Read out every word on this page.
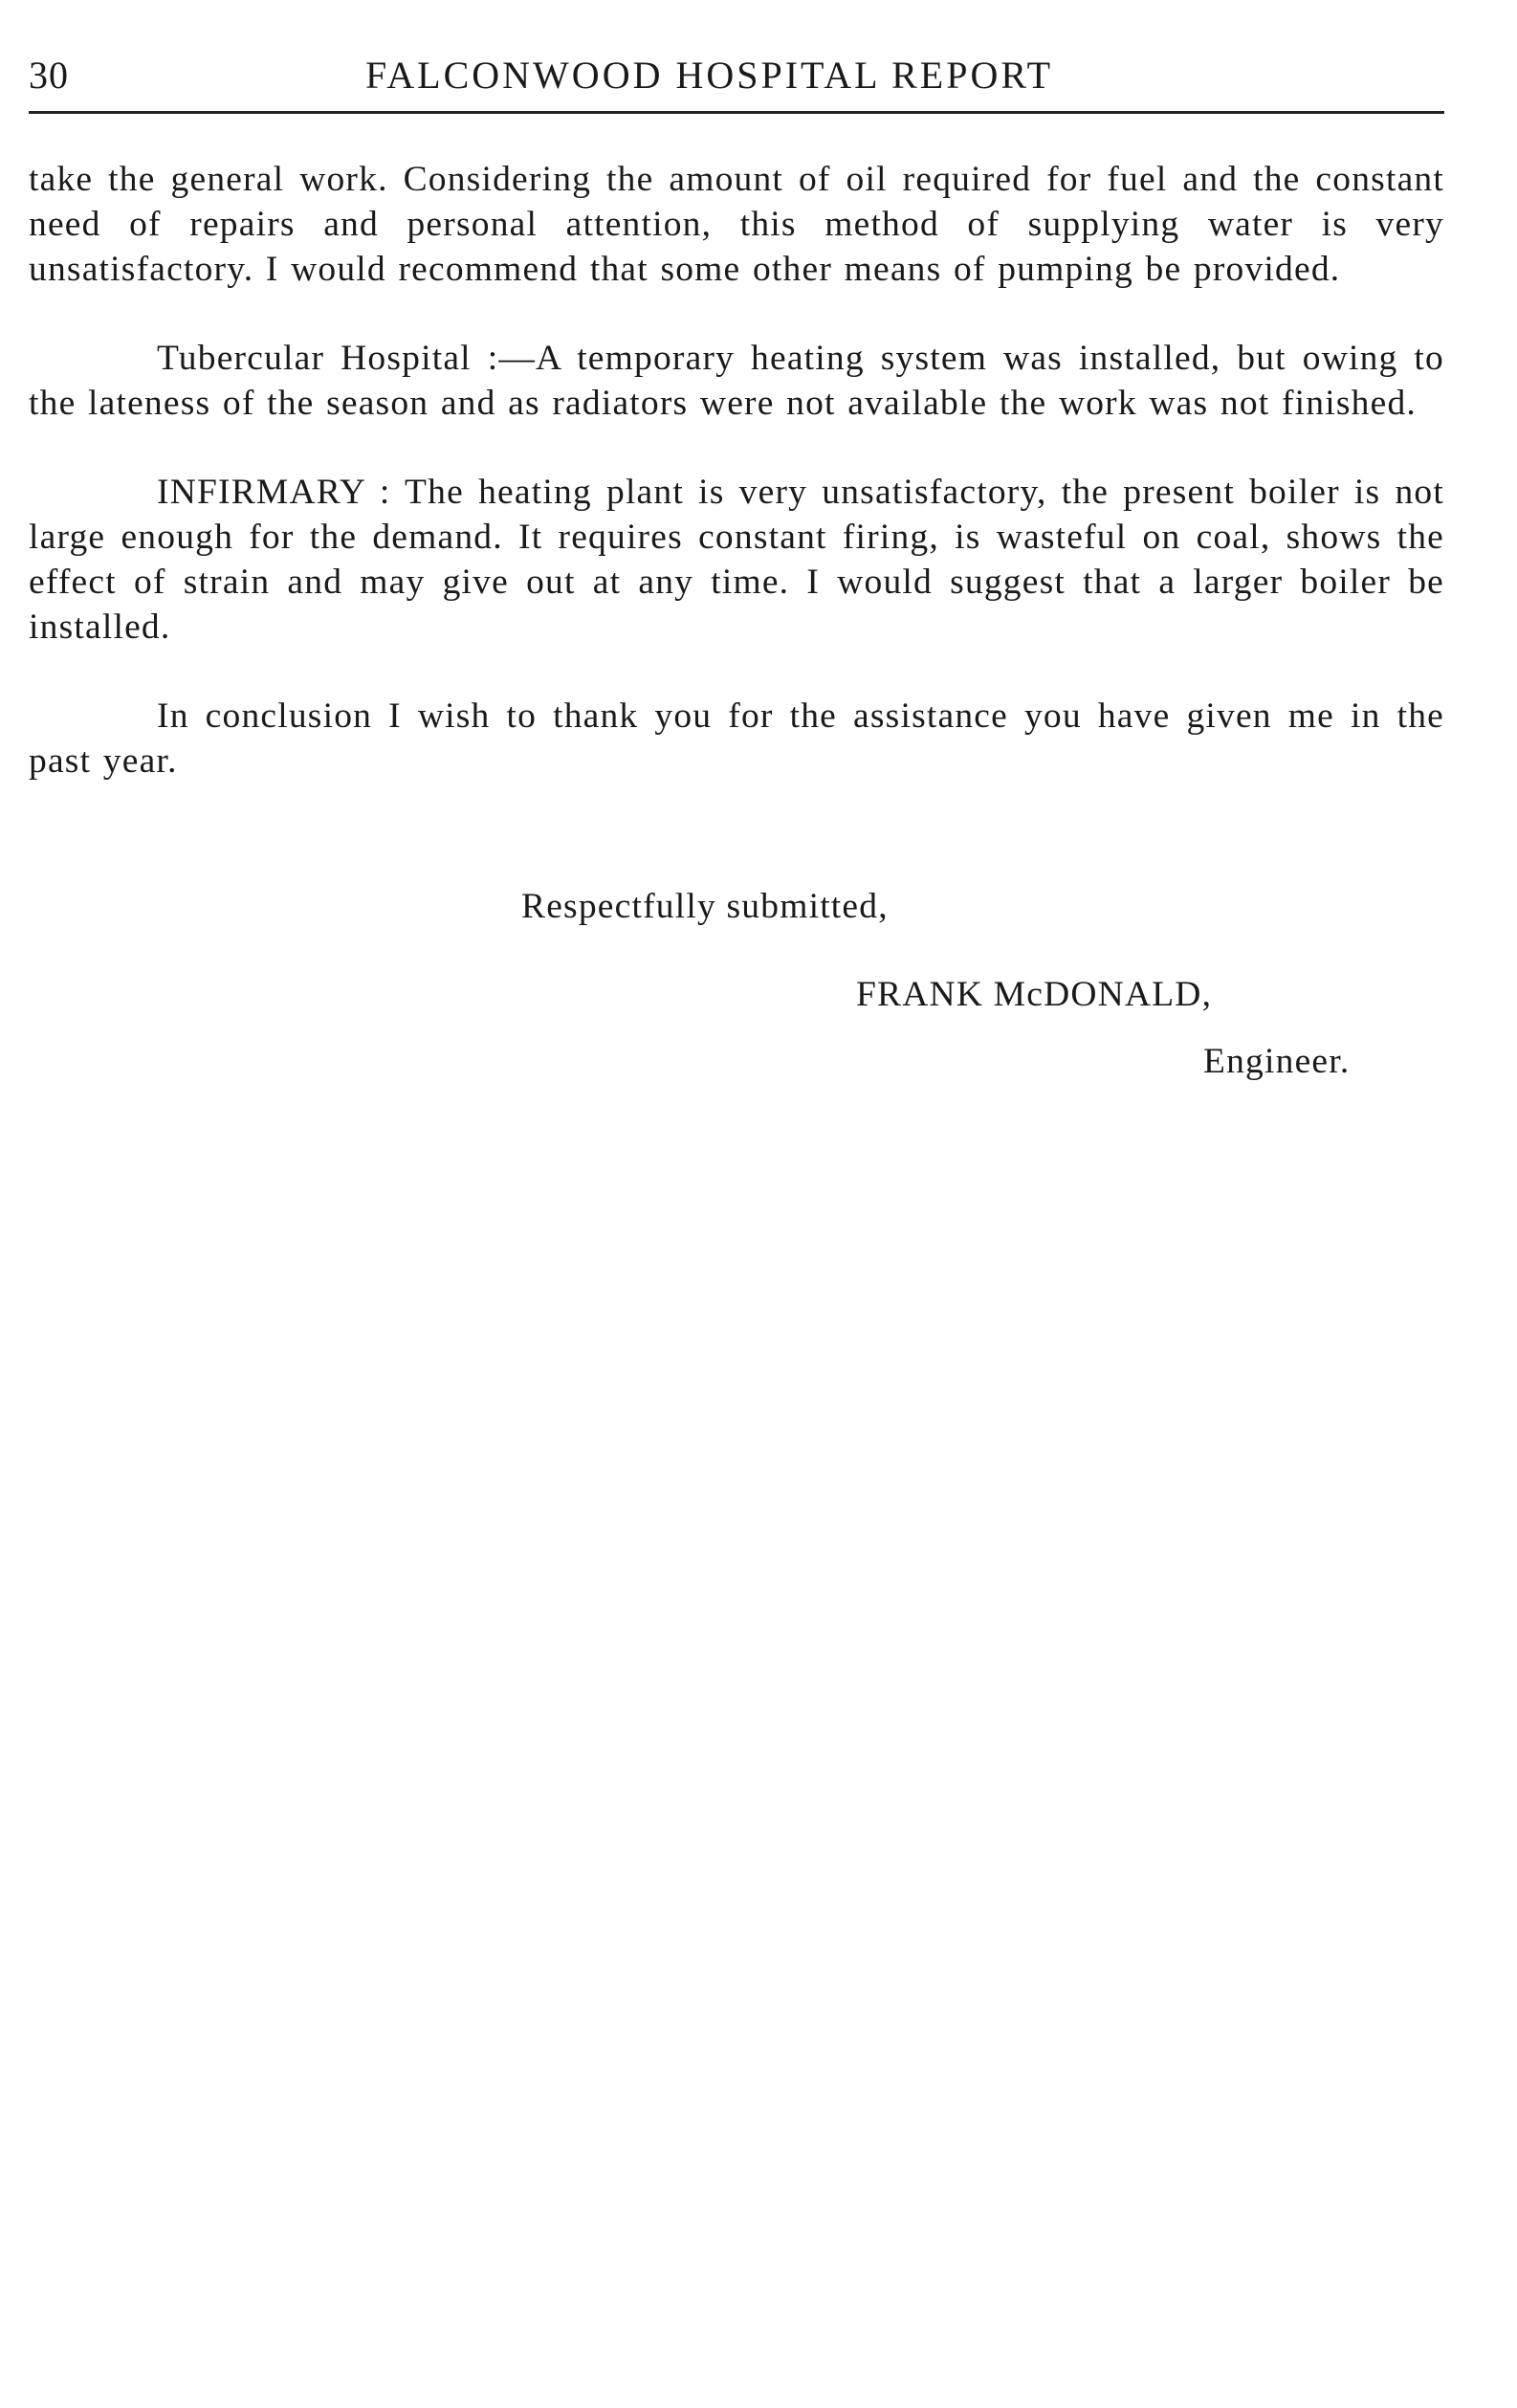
30	FALCONWOOD HOSPITAL REPORT

take the general work. Considering the amount of oil required for fuel and the constant need of repairs and personal attention, this method of supplying water is very unsatisfactory. I would recommend that some other means of pumping be provided.

Tubercular Hospital :—A temporary heating system was installed, but owing to the lateness of the season and as radiators were not available the work was not finished.

INFIRMARY : The heating plant is very unsatisfactory, the present boiler is not large enough for the demand. It requires constant firing, is wasteful on coal, shows the effect of strain and may give out at any time. I would suggest that a larger boiler be installed.

In conclusion I wish to thank you for the assistance you have given me in the past year.

Respectfully submitted,
FRANK McDONALD,
Engineer.
